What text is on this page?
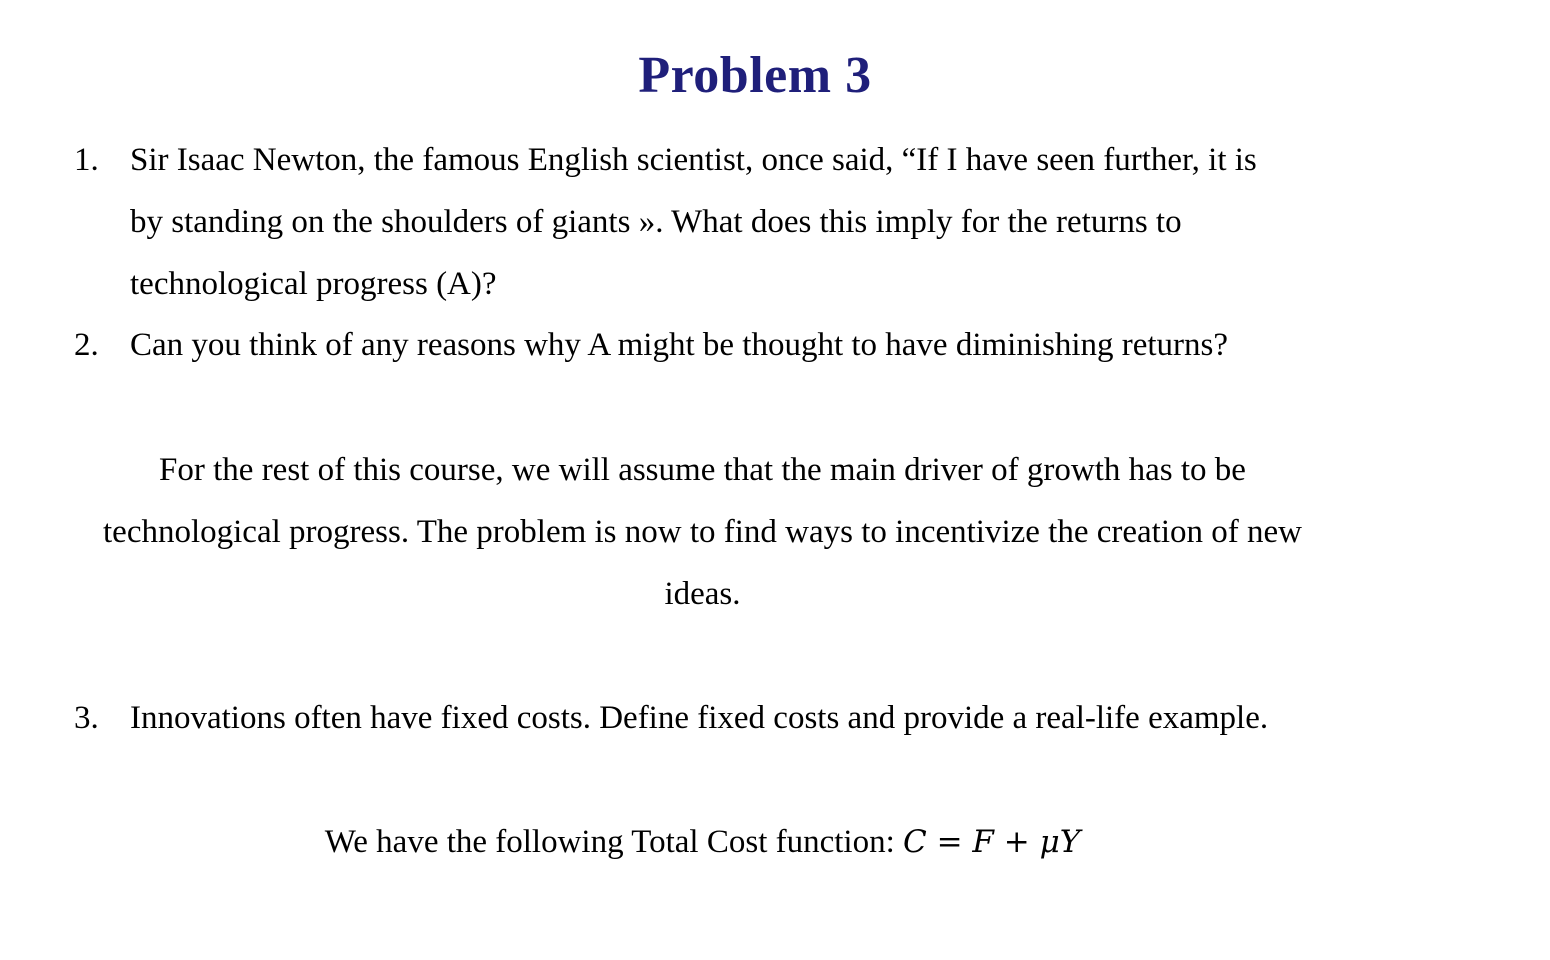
Problem 3
1. Sir Isaac Newton, the famous English scientist, once said, “If I have seen further, it is
by standing on the shoulders of giants ». What does this imply for the returns to
technological progress (A)?
2. Can you think of any reasons why A might be thought to have diminishing returns?
For the rest of this course, we will assume that the main driver of growth has to be
technological progress. The problem is now to find ways to incentivize the creation of new
ideas.
3. Innovations often have fixed costs. Define fixed costs and provide a real-life example.
We have the following Total Cost function: C = F + μY
